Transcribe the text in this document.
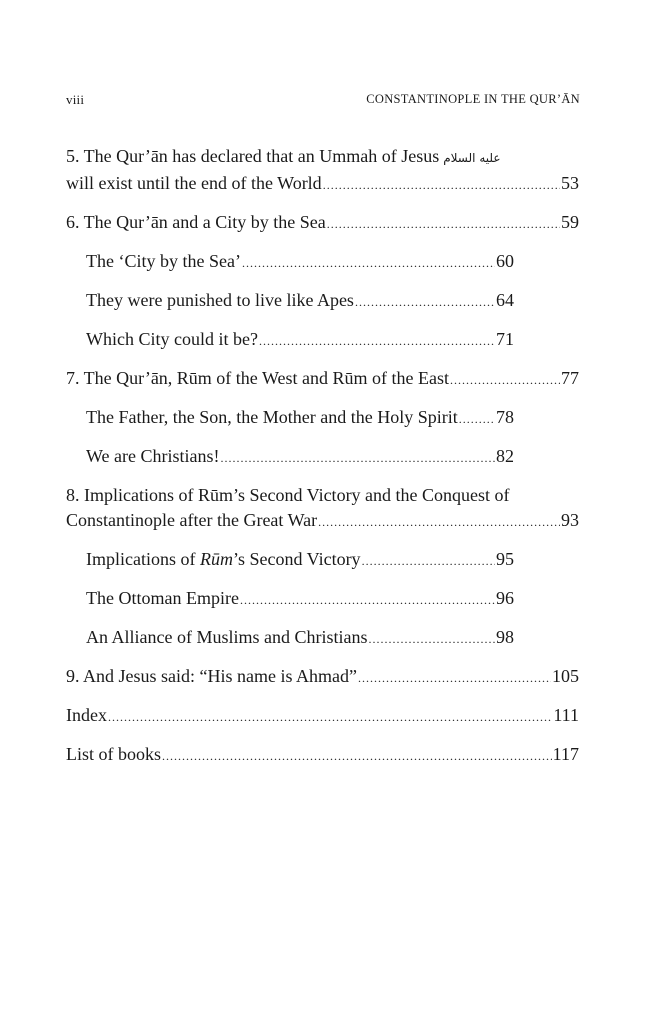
viii	CONSTANTINOPLE IN THE QUR’ĀN
5. The Qur’ān has declared that an Ummah of Jesus عليه السلام
will exist until the end of the World .....	53
6. The Qur’ān and a City by the Sea .....	59
The ‘City by the Sea’ .....	60
They were punished to live like Apes .....	64
Which City could it be? .....	71
7. The Qur’ān, Rūm of the West and Rūm of the East .....	77
The Father, the Son, the Mother and the Holy Spirit ..... 78
We are Christians! .....	82
8. Implications of Rūm’s Second Victory and the Conquest of
Constantinople after the Great War .....	93
Implications of Rūm’s Second Victory .....	95
The Ottoman Empire .....	96
An Alliance of Muslims and Christians .....	98
9. And Jesus said: “His name is Ahmad” .....	105
Index .....	111
List of books .....	117
